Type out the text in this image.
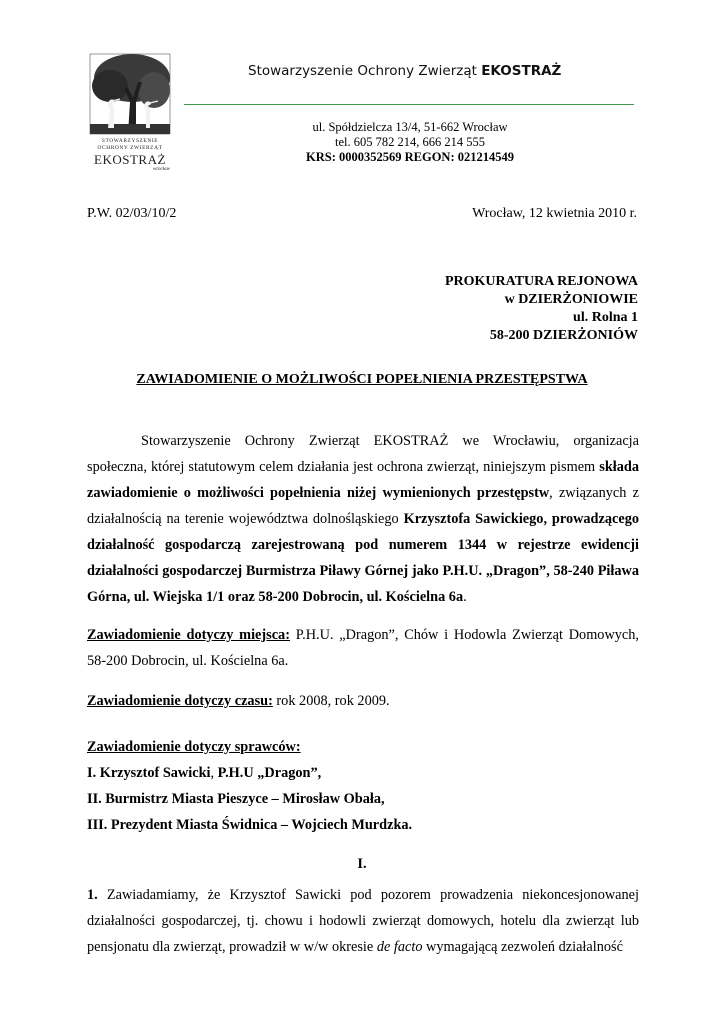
STOWARZYSZENIE
OCHRONY ZWIERZĄT
EKOSTRAŻ
wrocław
Stowarzyszenie Ochrony Zwierząt EKOSTRAŻ
ul. Spółdzielcza 13/4, 51-662 Wrocław
tel. 605 782 214, 666 214 555
KRS: 0000352569 REGON: 021214549
P.W. 02/03/10/2	Wrocław, 12 kwietnia 2010 r.
PROKURATURA REJONOWA
w DZIERŻONIOWIE
ul. Rolna 1
58-200 DZIERŻONIÓW
ZAWIADOMIENIE O MOŻLIWOŚCI POPEŁNIENIA PRZESTĘPSTWA
Stowarzyszenie Ochrony Zwierząt EKOSTRAŻ we Wrocławiu, organizacja społeczna, której statutowym celem działania jest ochrona zwierząt, niniejszym pismem składa zawiadomienie o możliwości popełnienia niżej wymienionych przestępstw, związanych z działalnością na terenie województwa dolnośląskiego Krzysztofa Sawickiego, prowadzącego działalność gospodarczą zarejestrowaną pod numerem 1344 w rejestrze ewidencji działalności gospodarczej Burmistrza Piławy Górnej jako P.H.U. „Dragon”, 58-240 Piława Górna, ul. Wiejska 1/1 oraz 58-200 Dobrocin, ul. Kościelna 6a.
Zawiadomienie dotyczy miejsca: P.H.U. „Dragon”, Chów i Hodowla Zwierząt Domowych, 58-200 Dobrocin, ul. Kościelna 6a.
Zawiadomienie dotyczy czasu: rok 2008, rok 2009.
Zawiadomienie dotyczy sprawców:
I. Krzysztof Sawicki, P.H.U „Dragon”,
II. Burmistrz Miasta Pieszyce – Mirosław Obała,
III. Prezydent Miasta Świdnica – Wojciech Murdzka.
I.
1. Zawiadamiamy, że Krzysztof Sawicki pod pozorem prowadzenia niekoncesjonowanej działalności gospodarczej, tj. chowu i hodowli zwierząt domowych, hotelu dla zwierząt lub pensjonatu dla zwierząt, prowadził w w/w okresie de facto wymagającą zezwoleń działalność
